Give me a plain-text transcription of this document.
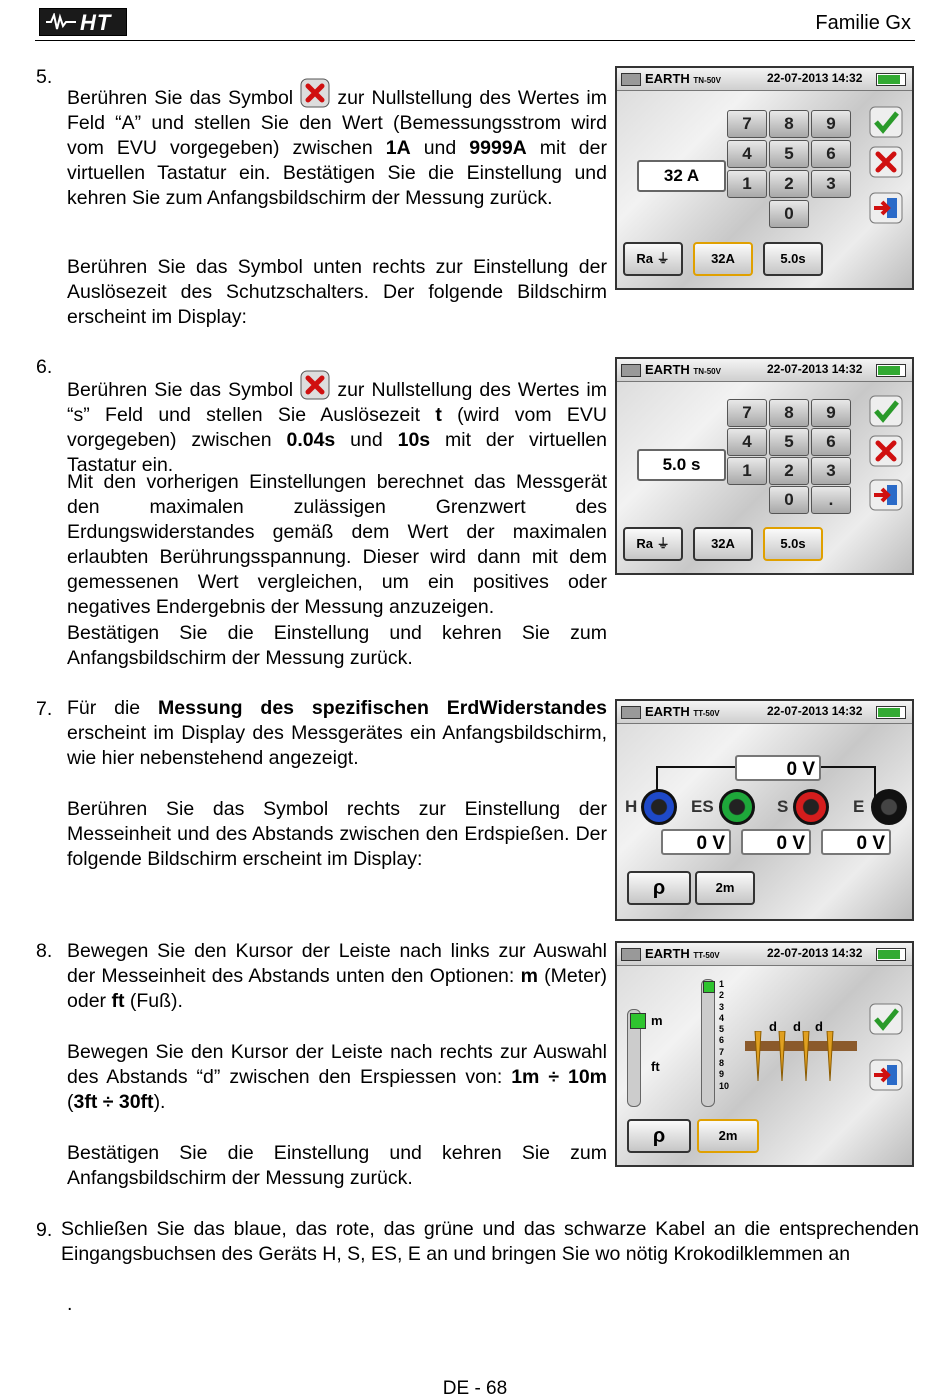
HT	Familie Gx
5.
Berühren Sie das Symbol  zur Nullstellung des Wertes im Feld “A” und stellen Sie den Wert (Bemessungsstrom wird vom EVU vorgegeben) zwischen 1A und 9999A mit der virtuellen Tastatur ein. Bestätigen Sie die Einstellung und kehren Sie zum Anfangsbildschirm der Messung zurück.
Berühren Sie das Symbol unten rechts zur Einstellung der Auslösezeit des Schutzschalters. Der folgende Bildschirm erscheint im Display:
EARTH TN-50V	22-07-2013 14:32
32 A
7	8	9
4	5	6
1	2	3
0
Ra ⏚	32A	5.0s
6.
Berühren Sie das Symbol  zur Nullstellung des Wertes im “s” Feld und stellen Sie Auslösezeit t (wird vom EVU vorgegeben) zwischen 0.04s und 10s mit der virtuellen Tastatur ein.
Mit den vorherigen Einstellungen berechnet das Messgerät den maximalen zulässigen Grenzwert des Erdungswiderstandes gemäß dem Wert der maximalen erlaubten Berührungsspannung. Dieser wird dann mit dem gemessenen Wert vergleichen, um ein positives oder negatives Endergebnis der Messung anzuzeigen.
Bestätigen Sie die Einstellung und kehren Sie zum Anfangsbildschirm der Messung zurück.
EARTH TN-50V	22-07-2013 14:32
5.0 s
7	8	9
4	5	6
1	2	3
0	.
Ra ⏚	32A	5.0s
7. Für die Messung des spezifischen ErdWiderstandes erscheint im Display des Messgerätes ein Anfangsbildschirm, wie hier nebenstehend angezeigt.
Berühren Sie das Symbol rechts zur Einstellung der Messeinheit und des Abstands zwischen den Erdspießen. Der folgende Bildschirm erscheint im Display:
EARTH TT-50V	22-07-2013 14:32
0 V
H	ES	S	E
0 V	0 V	0 V
ρ	2m
8. Bewegen Sie den Kursor der Leiste nach links zur Auswahl der Messeinheit des Abstands unten den Optionen: m (Meter) oder ft (Fuß).
Bewegen Sie den Kursor der Leiste nach rechts zur Auswahl des Abstands “d” zwischen den Erspiessen von: 1m ÷ 10m (3ft ÷ 30ft).
Bestätigen Sie die Einstellung und kehren Sie zum Anfangsbildschirm der Messung zurück.
EARTH TT-50V	22-07-2013 14:32
m
ft
1
2
3
4
5
6
7
8
9
10
d d d
ρ	2m
9. Schließen Sie das blaue, das rote, das grüne und das schwarze Kabel an die entsprechenden Eingangsbuchsen des Geräts H, S, ES, E an und bringen Sie wo nötig Krokodilklemmen an
.
DE - 68
